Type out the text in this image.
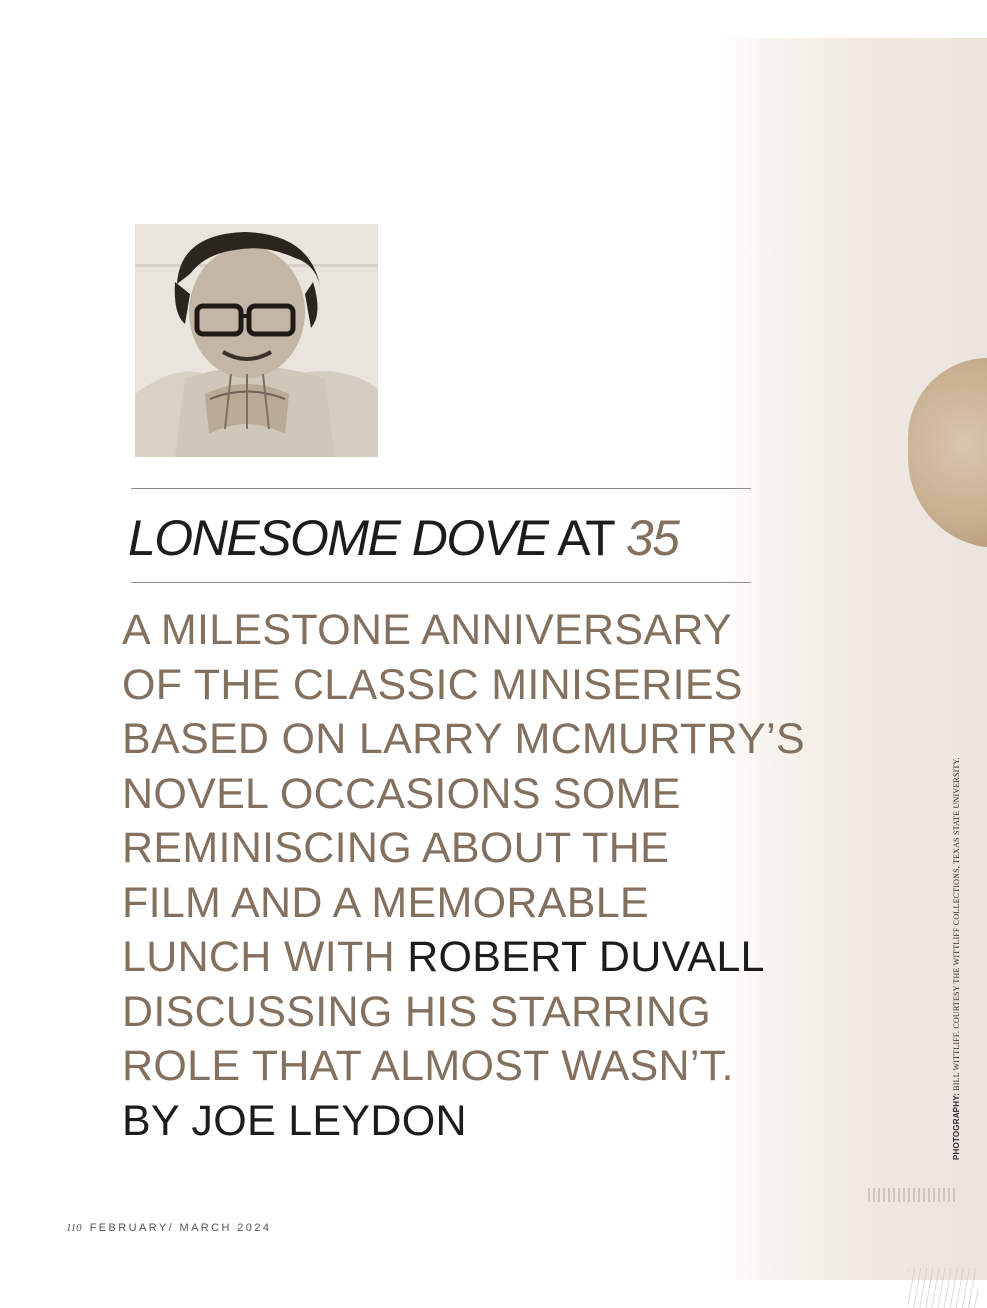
LONESOME DOVE AT 35
A MILESTONE ANNIVERSARY
OF THE CLASSIC MINISERIES
BASED ON LARRY MCMURTRY’S
NOVEL OCCASIONS SOME
REMINISCING ABOUT THE
FILM AND A MEMORABLE
LUNCH WITH ROBERT DUVALL
DISCUSSING HIS STARRING
ROLE THAT ALMOST WASN’T.
BY JOE LEYDON	PHOTOGRAPHY: BILL WITTLIFF. COURTESY THE WITTLIFF COLLECTIONS, TEXAS STATE UNIVERSITY.
110 FEBRUARY/ MARCH 2024
